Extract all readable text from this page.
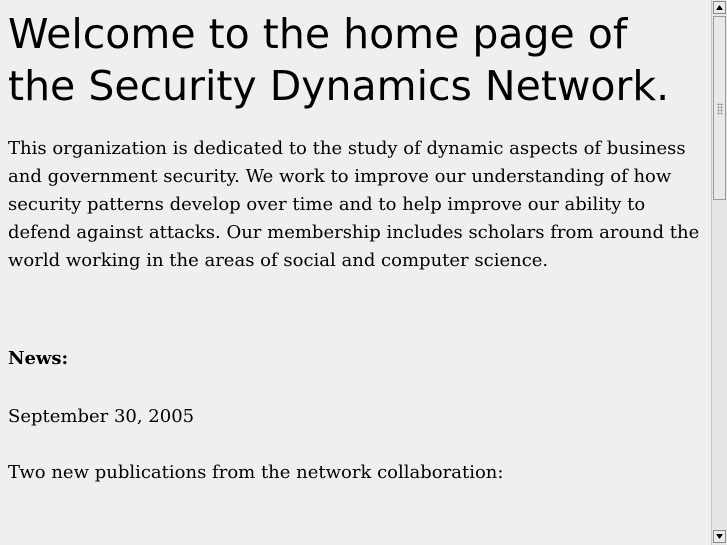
Welcome to the home page of the Security Dynamics Network.

This organization is dedicated to the study of dynamic aspects of business and government security. We work to improve our understanding of how security patterns develop over time and to help improve our ability to defend against attacks. Our membership includes scholars from around the world working in the areas of social and computer science.

News:

September 30, 2005

Two new publications from the network collaboration:
